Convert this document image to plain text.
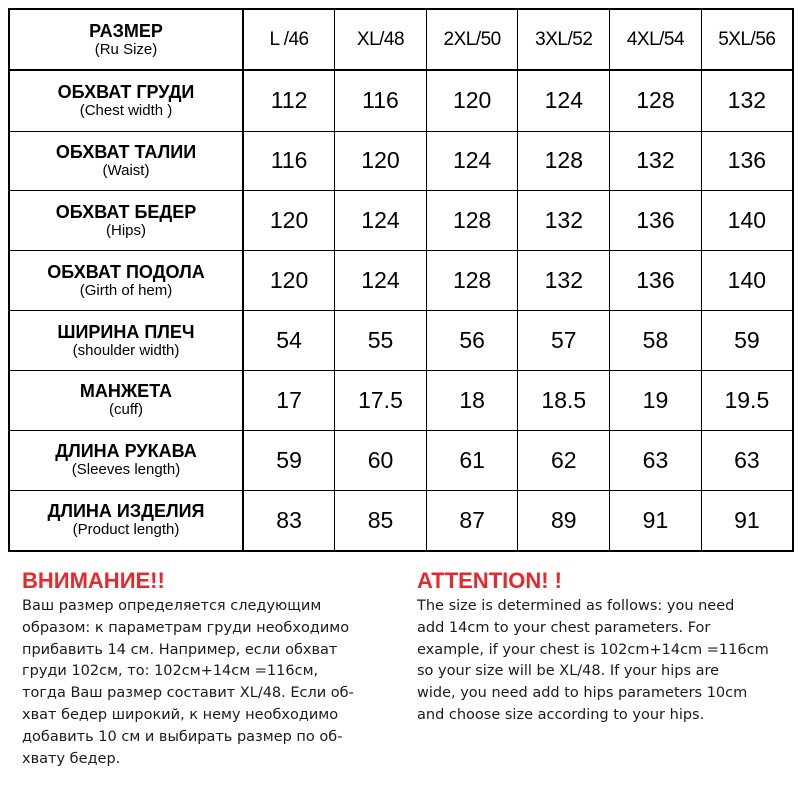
РАЗМЕР
(Ru Size)	L /46	XL/48	2XL/50	3XL/52	4XL/54	5XL/56

ОБХВАТ ГРУДИ
(Chest width )	112	116	120	124	128	132

ОБХВАТ ТАЛИИ
(Waist)	116	120	124	128	132	136

ОБХВАТ БЕДЕР
(Hips)	120	124	128	132	136	140

ОБХВАТ ПОДОЛА
(Girth of hem)	120	124	128	132	136	140

ШИРИНА ПЛЕЧ
(shoulder width)	54	55	56	57	58	59

МАНЖЕТА
(cuff)	17	17.5	18	18.5	19	19.5

ДЛИНА РУКАВА
(Sleeves length)	59	60	61	62	63	63

ДЛИНА ИЗДЕЛИЯ
(Product length)	83	85	87	89	91	91
ВНИМАНИЕ!!

Ваш размер определяется следующим
образом: к параметрам груди необходимо
прибавить 14 см. Например, если обхват
груди 102см, то: 102см+14см =116см,
тогда Ваш размер составит XL/48. Если об-
хват бедер широкий, к нему необходимо
добавить 10 см и выбирать размер по об-
хвату бедер.

ATTENTION! !

The size is determined as follows: you need
add 14cm to your chest parameters. For
example, if your chest is 102cm+14cm =116cm
so your size will be XL/48. If your hips are
wide, you need add to hips parameters 10cm
and choose size according to your hips.
